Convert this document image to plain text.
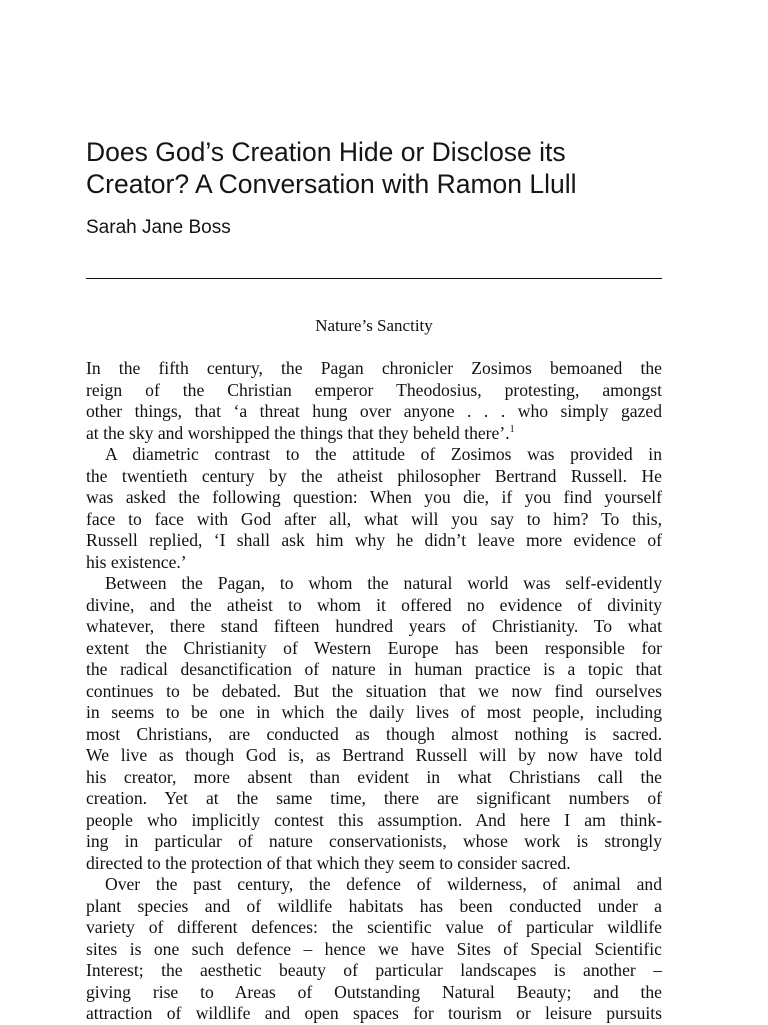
Does God’s Creation Hide or Disclose its
Creator? A Conversation with Ramon Llull
Sarah Jane Boss
Nature’s Sanctity
In the fifth century, the Pagan chronicler Zosimos bemoaned the
reign of the Christian emperor Theodosius, protesting, amongst
other things, that ‘a threat hung over anyone . . . who simply gazed
at the sky and worshipped the things that they beheld there’.$^1$
A diametric contrast to the attitude of Zosimos was provided in
the twentieth century by the atheist philosopher Bertrand Russell. He
was asked the following question: When you die, if you find yourself
face to face with God after all, what will you say to him? To this,
Russell replied, ‘I shall ask him why he didn’t leave more evidence of
his existence.’
Between the Pagan, to whom the natural world was self-evidently
divine, and the atheist to whom it offered no evidence of divinity
whatever, there stand fifteen hundred years of Christianity. To what
extent the Christianity of Western Europe has been responsible for
the radical desanctification of nature in human practice is a topic that
continues to be debated. But the situation that we now find ourselves
in seems to be one in which the daily lives of most people, including
most Christians, are conducted as though almost nothing is sacred.
We live as though God is, as Bertrand Russell will by now have told
his creator, more absent than evident in what Christians call the
creation. Yet at the same time, there are significant numbers of
people who implicitly contest this assumption. And here I am think-
ing in particular of nature conservationists, whose work is strongly
directed to the protection of that which they seem to consider sacred.
Over the past century, the defence of wilderness, of animal and
plant species and of wildlife habitats has been conducted under a
variety of different defences: the scientific value of particular wildlife
sites is one such defence – hence we have Sites of Special Scientific
Interest; the aesthetic beauty of particular landscapes is another –
giving rise to Areas of Outstanding Natural Beauty; and the
attraction of wildlife and open spaces for tourism or leisure pursuits
